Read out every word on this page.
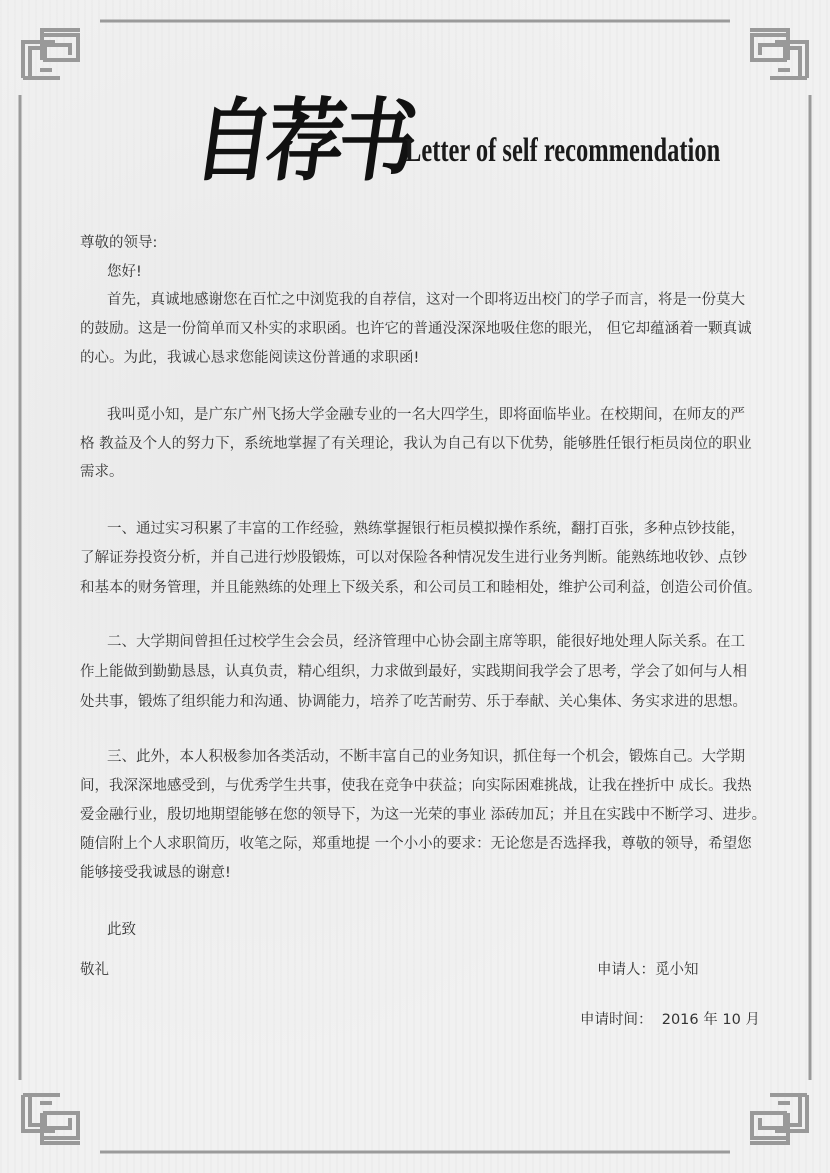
自荐书
Letter of self recommendation
尊敬的领导:
您好!
首先，真诚地感谢您在百忙之中浏览我的自荐信，这对一个即将迈出校门的学子而言，将是一份莫大
的鼓励。这是一份简单而又朴实的求职函。也许它的普通没深深地吸住您的眼光， 但它却蕴涵着一颗真诚
的心。为此，我诚心恳求您能阅读这份普通的求职函!
我叫觅小知，是广东广州飞扬大学金融专业的一名大四学生，即将面临毕业。在校期间，在师友的严
格 教益及个人的努力下，系统地掌握了有关理论，我认为自己有以下优势，能够胜任银行柜员岗位的职业
需求。
一、通过实习积累了丰富的工作经验，熟练掌握银行柜员模拟操作系统，翻打百张，多种点钞技能，
了解证券投资分析，并自己进行炒股锻炼，可以对保险各种情况发生进行业务判断。能熟练地收钞、点钞
和基本的财务管理，并且能熟练的处理上下级关系，和公司员工和睦相处，维护公司利益，创造公司价值。
二、大学期间曾担任过校学生会会员，经济管理中心协会副主席等职，能很好地处理人际关系。在工
作上能做到勤勤恳恳，认真负责，精心组织，力求做到最好，实践期间我学会了思考，学会了如何与人相
处共事，锻炼了组织能力和沟通、协调能力，培养了吃苦耐劳、乐于奉献、关心集体、务实求进的思想。
三、此外，本人积极参加各类活动，不断丰富自己的业务知识，抓住每一个机会，锻炼自己。大学期
间，我深深地感受到，与优秀学生共事，使我在竞争中获益；向实际困难挑战，让我在挫折中 成长。我热
爱金融行业，殷切地期望能够在您的领导下，为这一光荣的事业 添砖加瓦；并且在实践中不断学习、进步。
随信附上个人求职简历，收笔之际，郑重地提 一个小小的要求：无论您是否选择我，尊敬的领导，希望您
能够接受我诚恳的谢意!
此致
敬礼	申请人：觅小知
申请时间：  2016 年 10 月
